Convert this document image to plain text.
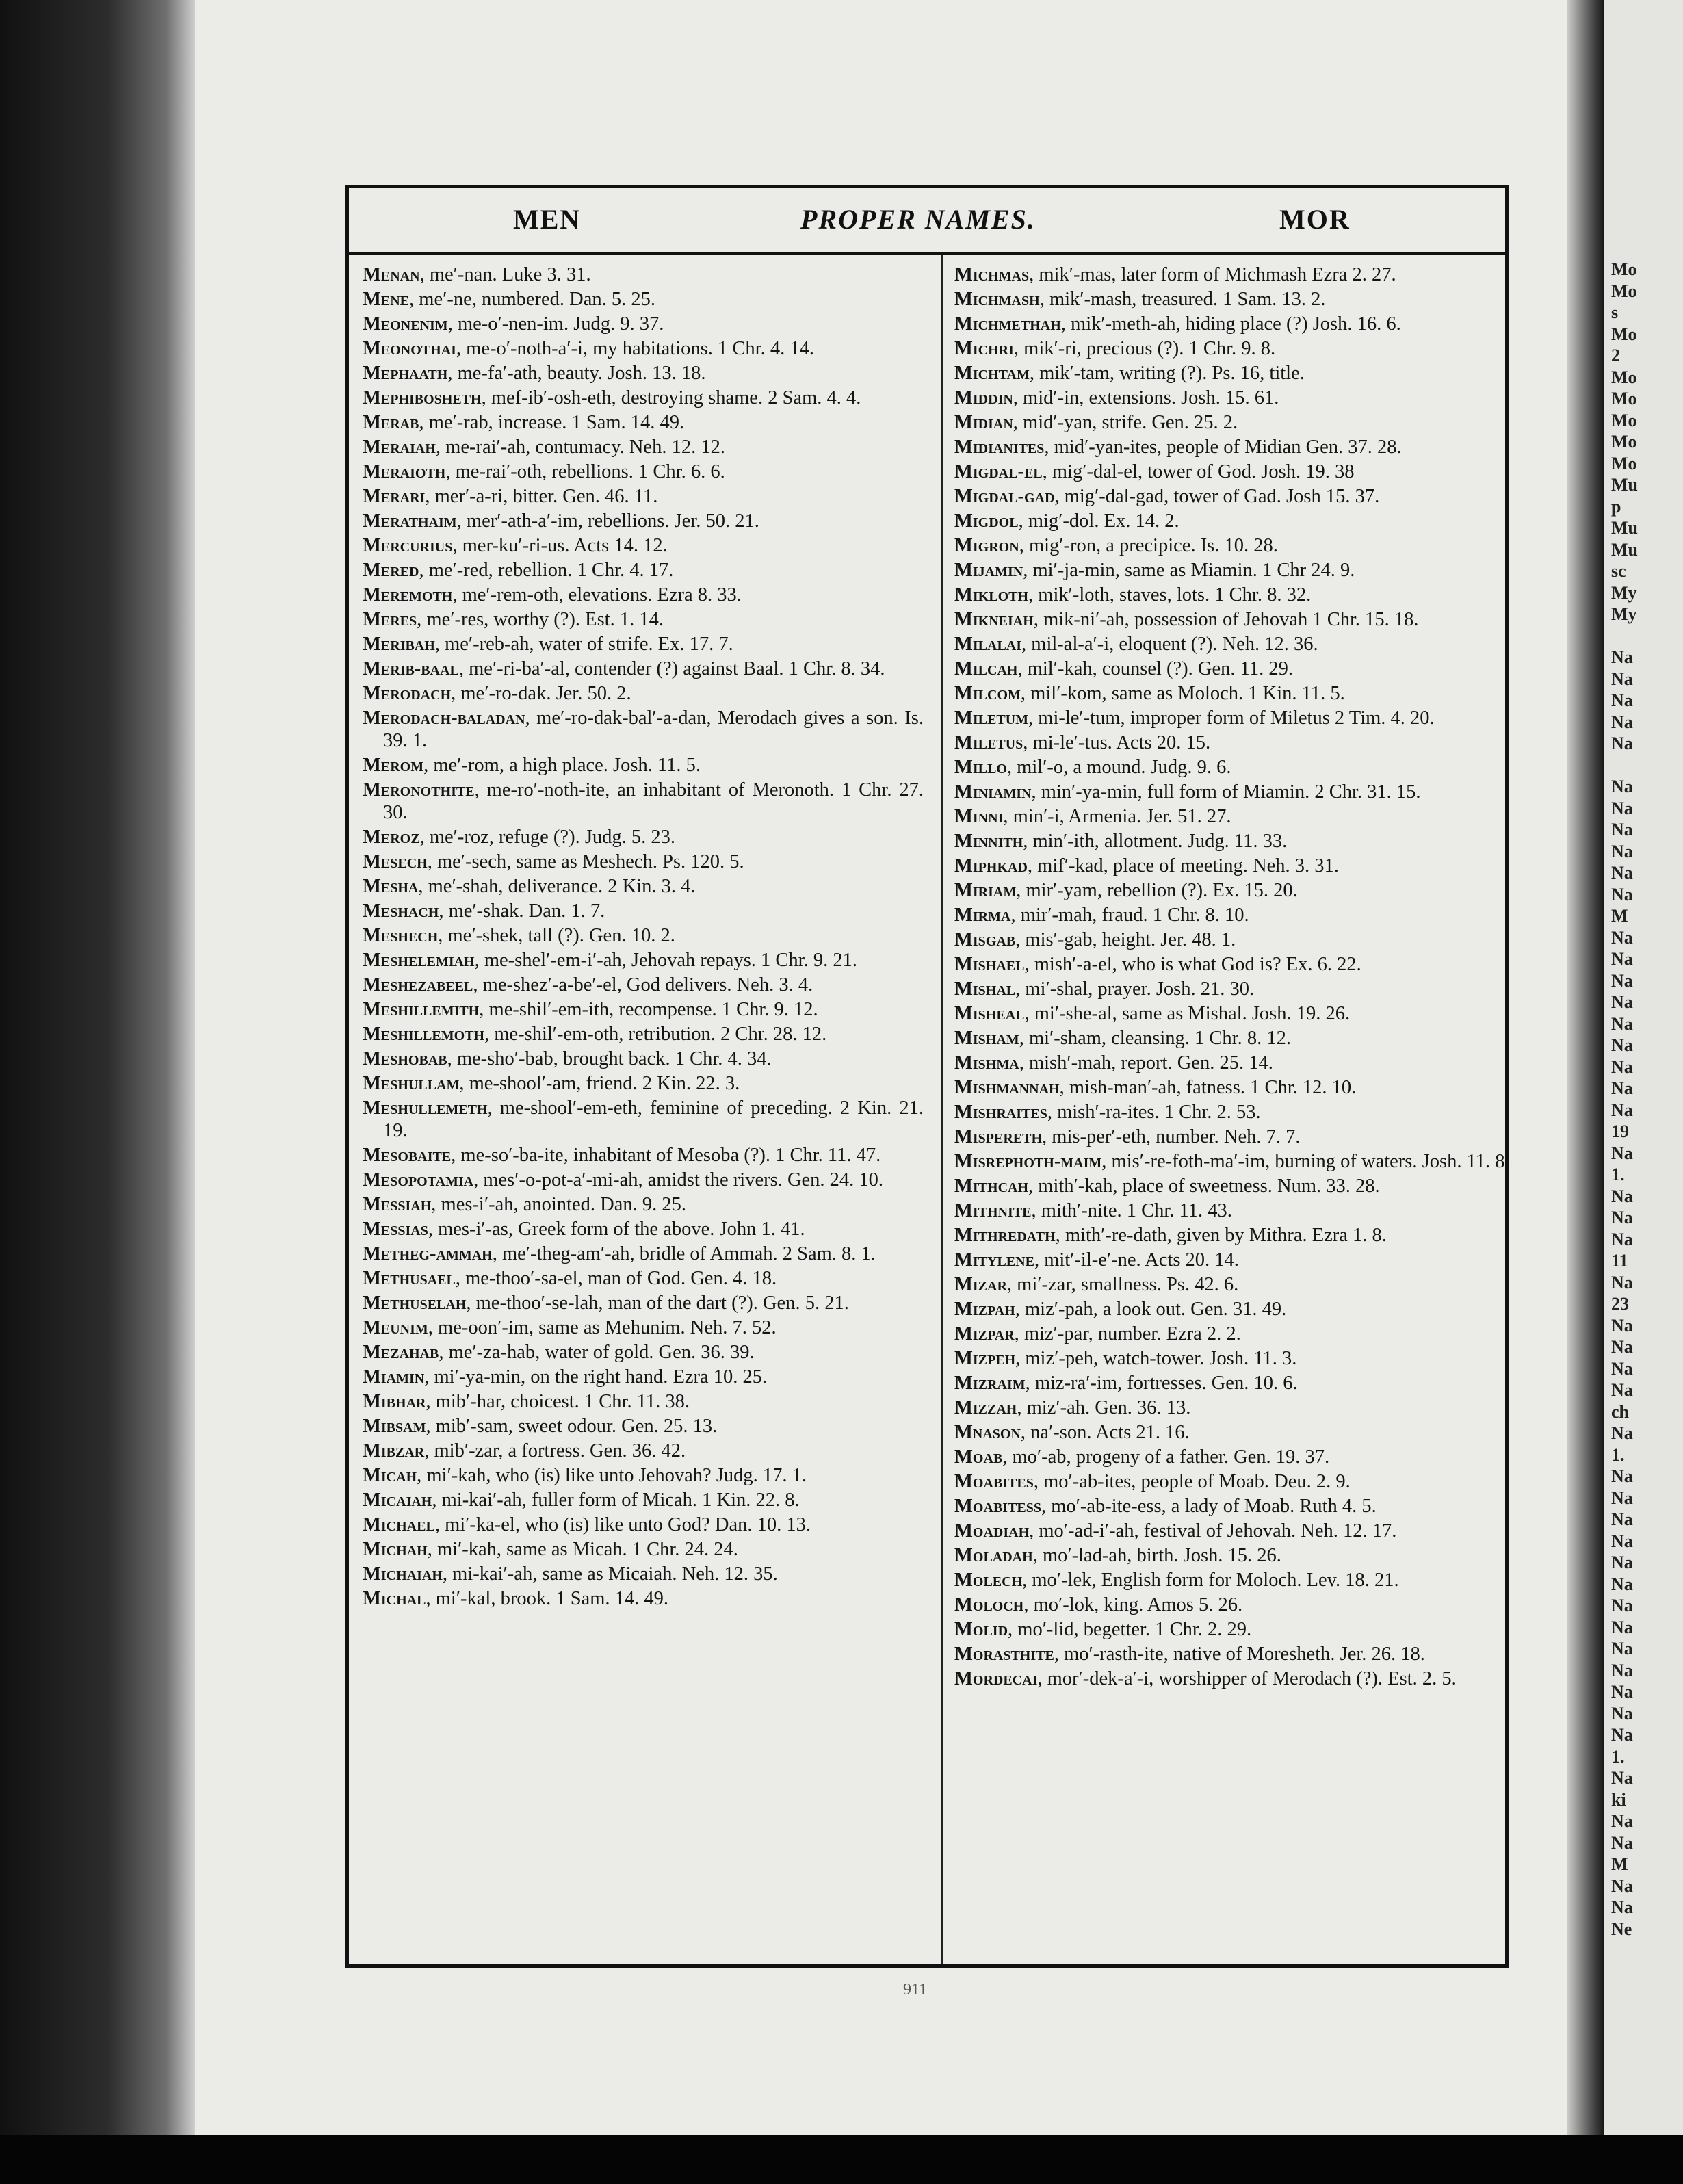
Mo
Mo
s
Mo
2
Mo
Mo
Mo
Mo
Mo
Mu
p
Mu
Mu
sc
My
My
Na
Na
Na
Na
Na
Na
Na
Na
Na
Na
Na
M
Na
Na
Na
Na
Na
Na
Na
Na
Na
19
Na
1.
Na
Na
Na
11
Na
23
Na
Na
Na
Na
ch
Na
1.
Na
Na
Na
Na
Na
Na
Na
Na
Na
Na
Na
Na
Na
1.
Na
ki
Na
Na
M
Na
Na
Ne
MEN	PROPER NAMES.	MOR

Menan, me′-nan. Luke 3. 31.

Mene, me′-ne, numbered. Dan. 5. 25.

Meonenim, me-o′-nen-im. Judg. 9. 37.

Meonothai, me-o′-noth-a′-i, my habitations. 1 Chr. 4. 14.

Mephaath, me-fa′-ath, beauty. Josh. 13. 18.

Mephibosheth, mef-ib′-osh-eth, destroying shame. 2 Sam. 4. 4.

Merab, me′-rab, increase. 1 Sam. 14. 49.

Meraiah, me-rai′-ah, contumacy. Neh. 12. 12.

Meraioth, me-rai′-oth, rebellions. 1 Chr. 6. 6.

Merari, mer′-a-ri, bitter. Gen. 46. 11.

Merathaim, mer′-ath-a′-im, rebellions. Jer. 50. 21.

Mercurius, mer-ku′-ri-us. Acts 14. 12.

Mered, me′-red, rebellion. 1 Chr. 4. 17.

Meremoth, me′-rem-oth, elevations. Ezra 8. 33.

Meres, me′-res, worthy (?). Est. 1. 14.

Meribah, me′-reb-ah, water of strife. Ex. 17. 7.

Merib-baal, me′-ri-ba′-al, contender (?) against Baal. 1 Chr. 8. 34.

Merodach, me′-ro-dak. Jer. 50. 2.

Merodach-baladan, me′-ro-dak-bal′-a-dan, Merodach gives a son. Is. 39. 1.

Merom, me′-rom, a high place. Josh. 11. 5.

Meronothite, me-ro′-noth-ite, an inhabitant of Meronoth. 1 Chr. 27. 30.

Meroz, me′-roz, refuge (?). Judg. 5. 23.

Mesech, me′-sech, same as Meshech. Ps. 120. 5.

Mesha, me′-shah, deliverance. 2 Kin. 3. 4.

Meshach, me′-shak. Dan. 1. 7.

Meshech, me′-shek, tall (?). Gen. 10. 2.

Meshelemiah, me-shel′-em-i′-ah, Jehovah repays. 1 Chr. 9. 21.

Meshezabeel, me-shez′-a-be′-el, God delivers. Neh. 3. 4.

Meshillemith, me-shil′-em-ith, recompense. 1 Chr. 9. 12.

Meshillemoth, me-shil′-em-oth, retribution. 2 Chr. 28. 12.

Meshobab, me-sho′-bab, brought back. 1 Chr. 4. 34.

Meshullam, me-shool′-am, friend. 2 Kin. 22. 3.

Meshullemeth, me-shool′-em-eth, feminine of preceding. 2 Kin. 21. 19.

Mesobaite, me-so′-ba-ite, inhabitant of Mesoba (?). 1 Chr. 11. 47.

Mesopotamia, mes′-o-pot-a′-mi-ah, amidst the rivers. Gen. 24. 10.

Messiah, mes-i′-ah, anointed. Dan. 9. 25.

Messias, mes-i′-as, Greek form of the above. John 1. 41.

Metheg-ammah, me′-theg-am′-ah, bridle of Ammah. 2 Sam. 8. 1.

Methusael, me-thoo′-sa-el, man of God. Gen. 4. 18.

Methuselah, me-thoo′-se-lah, man of the dart (?). Gen. 5. 21.

Meunim, me-oon′-im, same as Mehunim. Neh. 7. 52.

Mezahab, me′-za-hab, water of gold. Gen. 36. 39.

Miamin, mi′-ya-min, on the right hand. Ezra 10. 25.

Mibhar, mib′-har, choicest. 1 Chr. 11. 38.

Mibsam, mib′-sam, sweet odour. Gen. 25. 13.

Mibzar, mib′-zar, a fortress. Gen. 36. 42.

Micah, mi′-kah, who (is) like unto Jehovah? Judg. 17. 1.

Micaiah, mi-kai′-ah, fuller form of Micah. 1 Kin. 22. 8.

Michael, mi′-ka-el, who (is) like unto God? Dan. 10. 13.

Michah, mi′-kah, same as Micah. 1 Chr. 24. 24.

Michaiah, mi-kai′-ah, same as Micaiah. Neh. 12. 35.

Michal, mi′-kal, brook. 1 Sam. 14. 49.

Michmas, mik′-mas, later form of Michmash Ezra 2. 27.

Michmash, mik′-mash, treasured. 1 Sam. 13. 2.

Michmethah, mik′-meth-ah, hiding place (?) Josh. 16. 6.

Michri, mik′-ri, precious (?). 1 Chr. 9. 8.

Michtam, mik′-tam, writing (?). Ps. 16, title.

Middin, mid′-in, extensions. Josh. 15. 61.

Midian, mid′-yan, strife. Gen. 25. 2.

Midianites, mid′-yan-ites, people of Midian Gen. 37. 28.

Migdal-el, mig′-dal-el, tower of God. Josh. 19. 38

Migdal-gad, mig′-dal-gad, tower of Gad. Josh 15. 37.

Migdol, mig′-dol. Ex. 14. 2.

Migron, mig′-ron, a precipice. Is. 10. 28.

Mijamin, mi′-ja-min, same as Miamin. 1 Chr 24. 9.

Mikloth, mik′-loth, staves, lots. 1 Chr. 8. 32.

Mikneiah, mik-ni′-ah, possession of Jehovah 1 Chr. 15. 18.

Milalai, mil-al-a′-i, eloquent (?). Neh. 12. 36.

Milcah, mil′-kah, counsel (?). Gen. 11. 29.

Milcom, mil′-kom, same as Moloch. 1 Kin. 11. 5.

Miletum, mi-le′-tum, improper form of Miletus 2 Tim. 4. 20.

Miletus, mi-le′-tus. Acts 20. 15.

Millo, mil′-o, a mound. Judg. 9. 6.

Miniamin, min′-ya-min, full form of Miamin. 2 Chr. 31. 15.

Minni, min′-i, Armenia. Jer. 51. 27.

Minnith, min′-ith, allotment. Judg. 11. 33.

Miphkad, mif′-kad, place of meeting. Neh. 3. 31.

Miriam, mir′-yam, rebellion (?). Ex. 15. 20.

Mirma, mir′-mah, fraud. 1 Chr. 8. 10.

Misgab, mis′-gab, height. Jer. 48. 1.

Mishael, mish′-a-el, who is what God is? Ex. 6. 22.

Mishal, mi′-shal, prayer. Josh. 21. 30.

Misheal, mi′-she-al, same as Mishal. Josh. 19. 26.

Misham, mi′-sham, cleansing. 1 Chr. 8. 12.

Mishma, mish′-mah, report. Gen. 25. 14.

Mishmannah, mish-man′-ah, fatness. 1 Chr. 12. 10.

Mishraites, mish′-ra-ites. 1 Chr. 2. 53.

Mispereth, mis-per′-eth, number. Neh. 7. 7.

Misrephoth-maim, mis′-re-foth-ma′-im, burning of waters. Josh. 11. 8.

Mithcah, mith′-kah, place of sweetness. Num. 33. 28.

Mithnite, mith′-nite. 1 Chr. 11. 43.

Mithredath, mith′-re-dath, given by Mithra. Ezra 1. 8.

Mitylene, mit′-il-e′-ne. Acts 20. 14.

Mizar, mi′-zar, smallness. Ps. 42. 6.

Mizpah, miz′-pah, a look out. Gen. 31. 49.

Mizpar, miz′-par, number. Ezra 2. 2.

Mizpeh, miz′-peh, watch-tower. Josh. 11. 3.

Mizraim, miz-ra′-im, fortresses. Gen. 10. 6.

Mizzah, miz′-ah. Gen. 36. 13.

Mnason, na′-son. Acts 21. 16.

Moab, mo′-ab, progeny of a father. Gen. 19. 37.

Moabites, mo′-ab-ites, people of Moab. Deu. 2. 9.

Moabitess, mo′-ab-ite-ess, a lady of Moab. Ruth 4. 5.

Moadiah, mo′-ad-i′-ah, festival of Jehovah. Neh. 12. 17.

Moladah, mo′-lad-ah, birth. Josh. 15. 26.

Molech, mo′-lek, English form for Moloch. Lev. 18. 21.

Moloch, mo′-lok, king. Amos 5. 26.

Molid, mo′-lid, begetter. 1 Chr. 2. 29.

Morasthite, mo′-rasth-ite, native of Moresheth. Jer. 26. 18.

Mordecai, mor′-dek-a′-i, worshipper of Merodach (?). Est. 2. 5.

911
